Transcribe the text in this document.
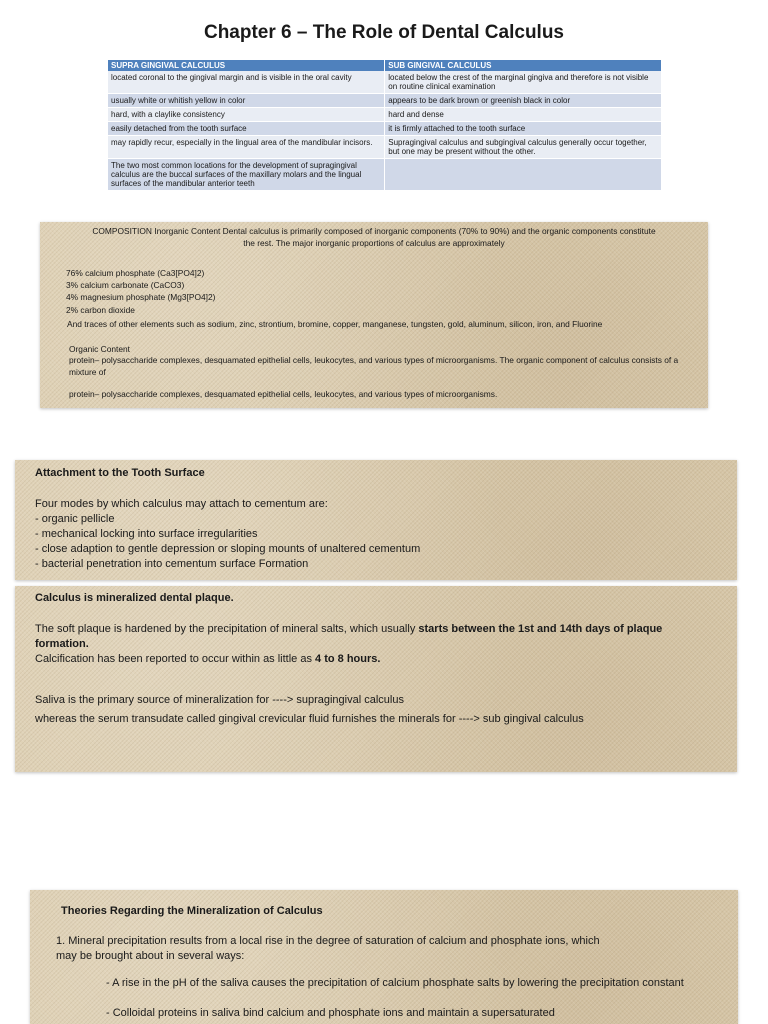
Chapter 6 – The Role of Dental Calculus
SUPRA GINGIVAL CALCULUS	SUB GINGIVAL CALCULUS
located coronal to the gingival margin and is visible in the oral cavity	located below the crest of the marginal gingiva and therefore is not visible on routine clinical examination
usually white or whitish yellow in color	appears to be dark brown or greenish black in color
hard, with a claylike consistency	hard and dense
easily detached from the tooth surface	it is firmly attached to the tooth surface
may rapidly recur, especially in the lingual area of the mandibular incisors.	Supragingival calculus and subgingival calculus generally occur together, but one may be present without the other.
The two most common locations for the development of supragingival calculus are the buccal surfaces of the maxillary molars and the lingual surfaces of the mandibular anterior teeth	

COMPOSITION Inorganic Content Dental calculus is primarily composed of inorganic components (70% to 90%) and the organic components constitute

the rest. The major inorganic proportions of calculus are approximately

76% calcium phosphate (Ca3[PO4]2)

3% calcium carbonate (CaCO3)

4% magnesium phosphate (Mg3[PO4]2)

2% carbon dioxide

And traces of other elements such as sodium, zinc, strontium, bromine, copper, manganese, tungsten, gold, aluminum, silicon, iron, and Fluorine

Organic Content

protein– polysaccharide complexes, desquamated epithelial cells, leukocytes, and various types of microorganisms. The organic component of calculus consists of a

mixture of

protein– polysaccharide complexes, desquamated epithelial cells, leukocytes, and various types of microorganisms.

Attachment to the Tooth Surface

Four modes by which calculus may attach to cementum are:

- organic pellicle

- mechanical locking into surface irregularities

- close adaption to gentle depression or sloping mounts of unaltered cementum

- bacterial penetration into cementum surface Formation

Calculus is mineralized dental plaque.

The soft plaque is hardened by the precipitation of mineral salts, which usually starts between the 1st and 14th days of plaque

formation.

Calcification has been reported to occur within as little as 4 to 8 hours.

Saliva is the primary source of mineralization for ----> supragingival calculus

whereas the serum transudate called gingival crevicular fluid furnishes the minerals for ----> sub gingival calculus

Theories Regarding the Mineralization of Calculus

1. Mineral precipitation results from a local rise in the degree of saturation of calcium and phosphate ions, which

may be brought about in several ways:

- A rise in the pH of the saliva causes the precipitation of calcium phosphate salts by lowering the precipitation constant

- Colloidal proteins in saliva bind calcium and phosphate ions and maintain a supersaturated
